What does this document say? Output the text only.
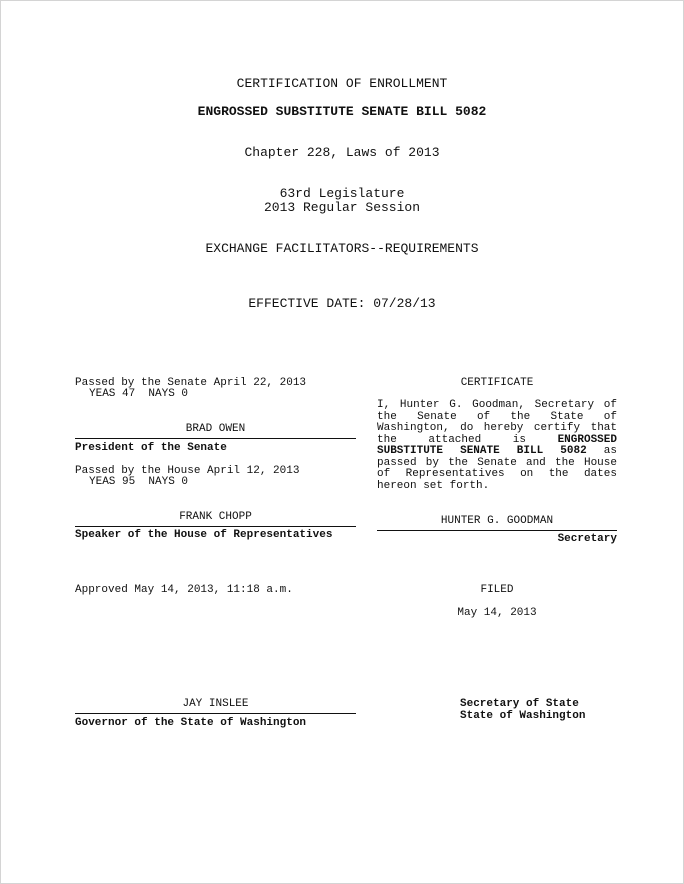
CERTIFICATION OF ENROLLMENT
ENGROSSED SUBSTITUTE SENATE BILL 5082
Chapter 228, Laws of 2013
63rd Legislature
2013 Regular Session
EXCHANGE FACILITATORS--REQUIREMENTS
EFFECTIVE DATE: 07/28/13
Passed by the Senate April 22, 2013
YEAS 47  NAYS 0
BRAD OWEN
President of the Senate
Passed by the House April 12, 2013
YEAS 95  NAYS 0
FRANK CHOPP
Speaker of the House of Representatives
CERTIFICATE
I, Hunter G. Goodman, Secretary of
the Senate of the State of
Washington, do hereby certify that
the	attached	is	ENGROSSED
SUBSTITUTE SENATE BILL 5082 as
passed by the Senate and the House
of Representatives on the dates
hereon set forth.
HUNTER G. GOODMAN
Secretary
Approved May 14, 2013, 11:18 a.m.
JAY INSLEE
Governor of the State of Washington
FILED
May 14, 2013
Secretary of State
State of Washington
